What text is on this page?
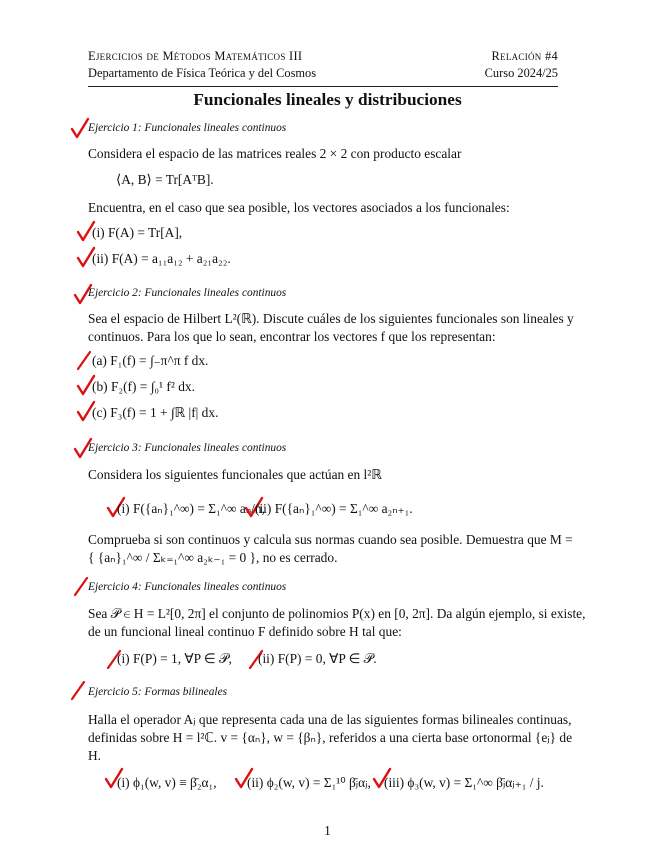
Ejercicios de Métodos Matemáticos III
Departamento de Física Teórica y del Cosmos
Relación #4
Curso 2024/25
Funcionales lineales y distribuciones
Ejercicio 1: Funcionales lineales continuos
Considera el espacio de las matrices reales 2 × 2 con producto escalar
⟨A, B⟩ = Tr[AᵀB].
Encuentra, en el caso que sea posible, los vectores asociados a los funcionales:
(i) F(A) = Tr[A],
(ii) F(A) = a₁₁a₁₂ + a₂₁a₂₂.
Ejercicio 2: Funcionales lineales continuos
Sea el espacio de Hilbert L²(ℝ). Discute cuáles de los siguientes funcionales son lineales y
continuos. Para los que lo sean, encontrar los vectores f que los representan:
(a) F₁(f) = ∫₋π^π f dx.
(b) F₂(f) = ∫₀¹ f² dx.
(c) F₃(f) = 1 + ∫ℝ |f| dx.
Ejercicio 3: Funcionales lineales continuos
Considera los siguientes funcionales que actúan en l²ℝ
(i) F({aₙ}₁^∞) = Σ₁^∞ aₙ/n,
(ii) F({aₙ}₁^∞) = Σ₁^∞ a₂ₙ₊₁.
Comprueba si son continuos y calcula sus normas cuando sea posible. Demuestra que M =
{ {aₙ}₁^∞ / Σₖ₌₁^∞ a₂ₖ₋₁ = 0 }, no es cerrado.
Ejercicio 4: Funcionales lineales continuos
Sea 𝒫 ∈ H = L²[0, 2π] el conjunto de polinomios P(x) en [0, 2π]. Da algún ejemplo, si existe,
de un funcional lineal continuo F definido sobre H tal que:
(i) F(P) = 1, ∀P ∈ 𝒫, (ii) F(P) = 0, ∀P ∈ 𝒫.
Ejercicio 5: Formas bilineales
Halla el operador Aⱼ que representa cada una de las siguientes formas bilineales continuas,
definidas sobre H = l²ℂ. v = {αₙ}, w = {βₙ}, referidos a una cierta base ortonormal {eⱼ} de
H.
(i) ϕ₁(w, v) ≡ β̄₂α₁, (ii) ϕ₂(w, v) = Σ₁¹⁰ β̄ⱼαⱼ, (iii) ϕ₃(w, v) = Σ₁^∞ β̄ⱼαⱼ₊₁ / j.
1
